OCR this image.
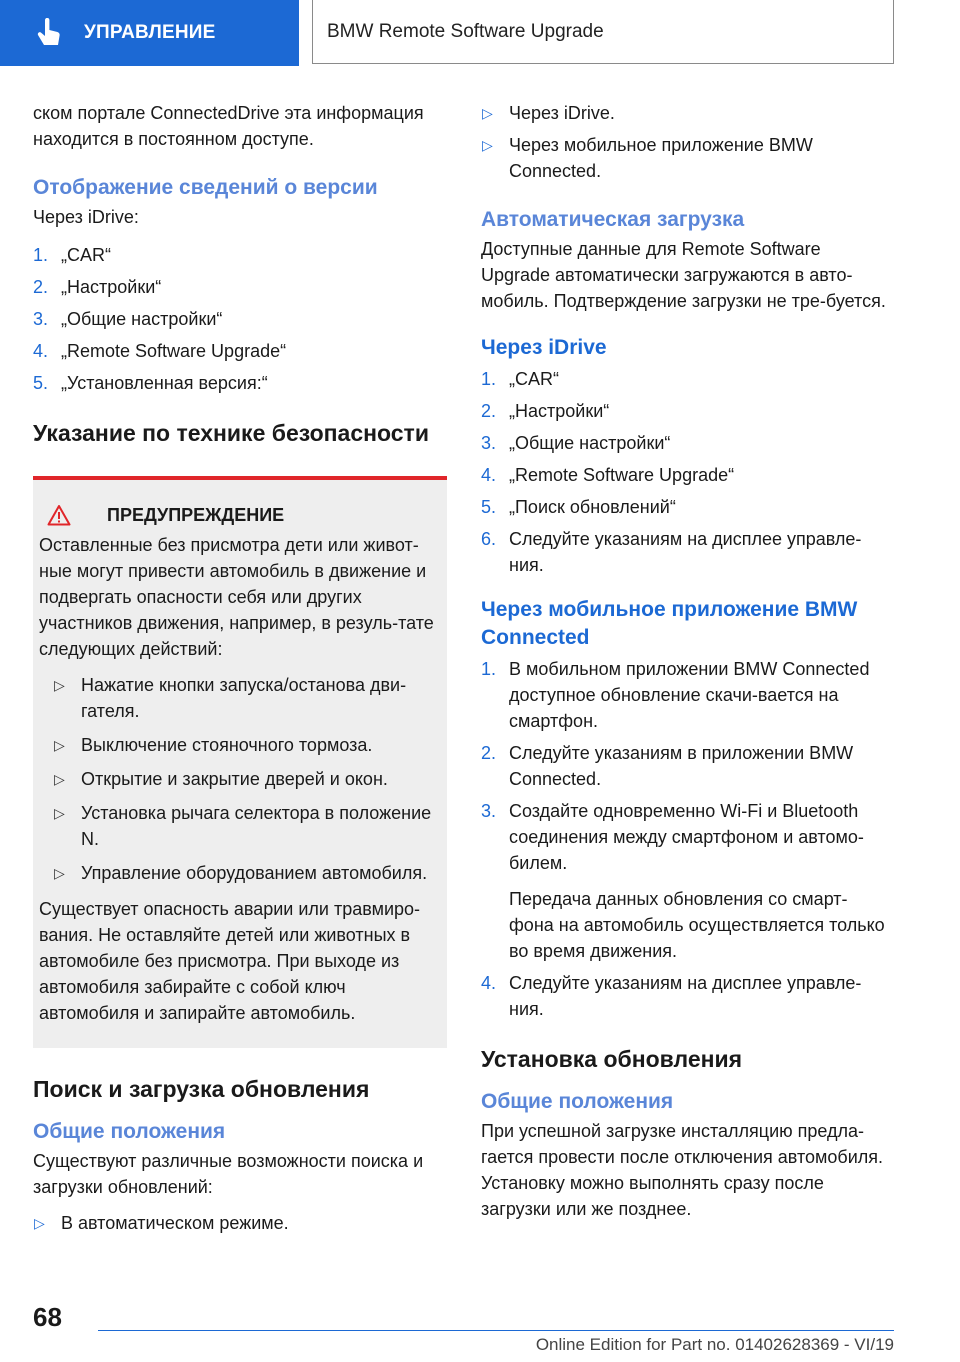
УПРАВЛЕНИЕ	BMW Remote Software Upgrade

ском портале ConnectedDrive эта информация находится в постоянном доступе.

Отображение сведений о версии

Через iDrive:

1. „CAR“
2. „Настройки“
3. „Общие настройки“
4. „Remote Software Upgrade“
5. „Установленная версия:“
Указание по технике безопасности
ПРЕДУПРЕЖДЕНИЕ

Оставленные без присмотра дети или живот-ные могут привести автомобиль в движение и подвергать опасности себя или других участников движения, например, в резуль-тате следующих действий:

▷ Нажатие кнопки запуска/останова дви-гателя.
▷ Выключение стояночного тормоза.
▷ Открытие и закрытие дверей и окон.
▷ Установка рычага селектора в положение N.
▷ Управление оборудованием автомобиля.

Существует опасность аварии или травмиро-вания. Не оставляйте детей или животных в автомобиле без присмотра. При выходе из автомобиля забирайте с собой ключ автомобиля и запирайте автомобиль.

Поиск и загрузка обновления
Общие положения

Существуют различные возможности поиска и загрузки обновлений:

▷ В автоматическом режиме.
▷ Через iDrive.
▷ Через мобильное приложение BMW Connected.
Автоматическая загрузка

Доступные данные для Remote Software Upgrade автоматически загружаются в авто-мобиль. Подтверждение загрузки не тре-буется.

Через iDrive
1. „CAR“
2. „Настройки“
3. „Общие настройки“
4. „Remote Software Upgrade“
5. „Поиск обновлений“
6. Следуйте указаниям на дисплее управле-ния.
Через мобильное приложение BMW Connected
1. В мобильном приложении BMW Connected доступное обновление скачи-вается на смартфон.
2. Следуйте указаниям в приложении BMW Connected.
3. Создайте одновременно Wi-Fi и Bluetooth соединения между смартфоном и автомо-билем.

Передача данных обновления со смарт-фона на автомобиль осуществляется только во время движения.

4. Следуйте указаниям на дисплее управле-ния.
Установка обновления
Общие положения

При успешной загрузке инсталляцию предла-гается провести после отключения автомобиля. Установку можно выполнять сразу после загрузки или же позднее.

68
Online Edition for Part no. 01402628369 - VI/19
